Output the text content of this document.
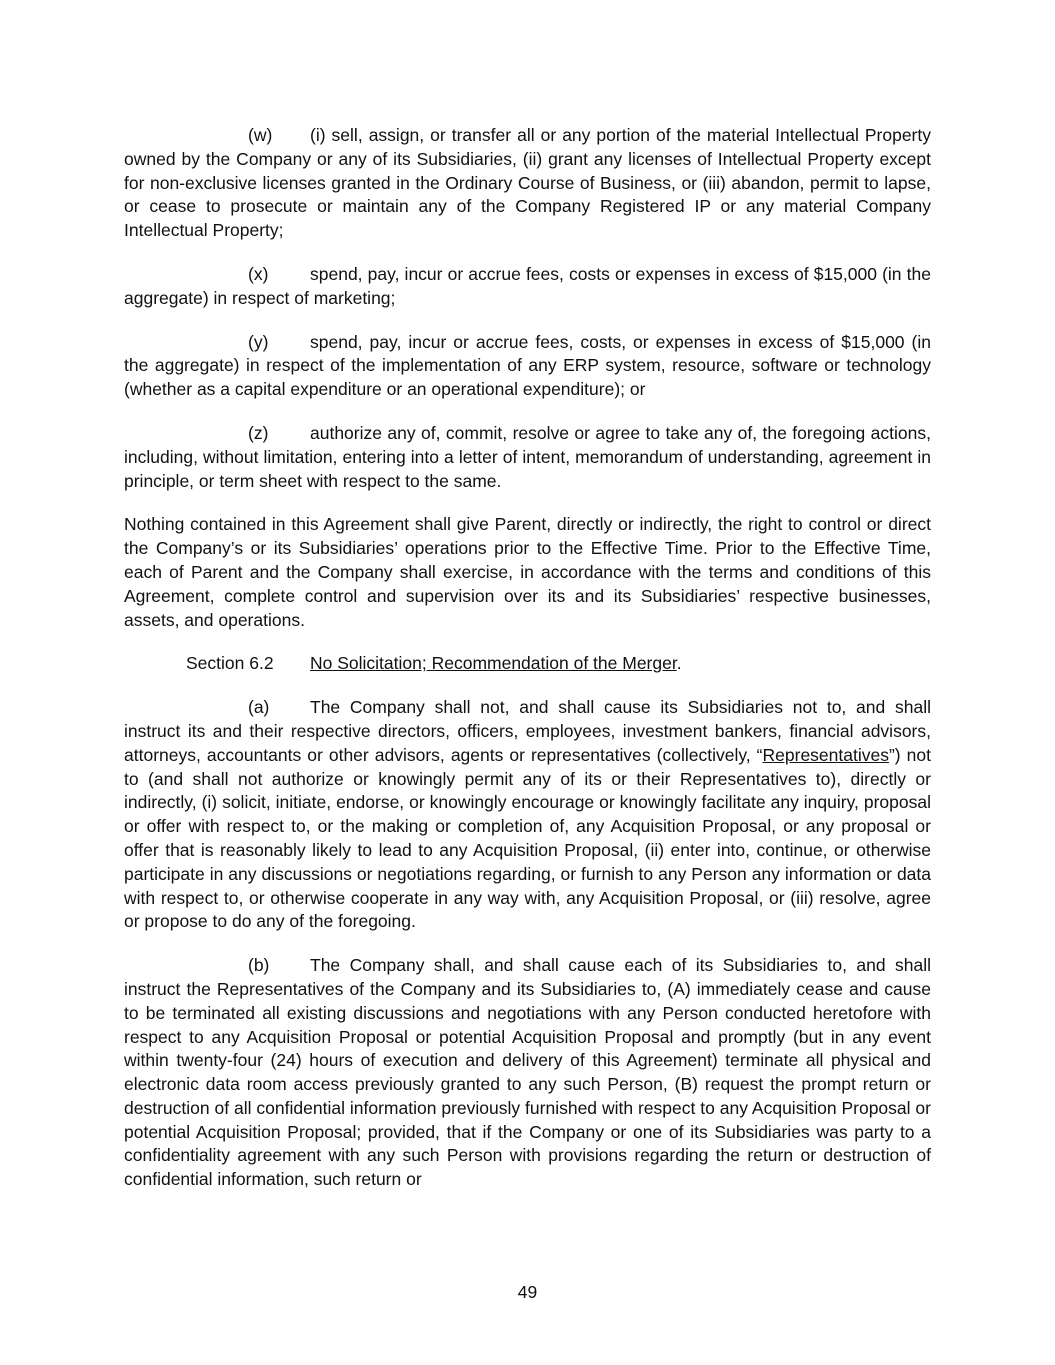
(w) (i) sell, assign, or transfer all or any portion of the material Intellectual Property owned by the Company or any of its Subsidiaries, (ii) grant any licenses of Intellectual Property except for non-exclusive licenses granted in the Ordinary Course of Business, or (iii) abandon, permit to lapse, or cease to prosecute or maintain any of the Company Registered IP or any material Company Intellectual Property;

(x) spend, pay, incur or accrue fees, costs or expenses in excess of $15,000 (in the aggregate) in respect of marketing;

(y) spend, pay, incur or accrue fees, costs, or expenses in excess of $15,000 (in the aggregate) in respect of the implementation of any ERP system, resource, software or technology (whether as a capital expenditure or an operational expenditure); or

(z) authorize any of, commit, resolve or agree to take any of, the foregoing actions, including, without limitation, entering into a letter of intent, memorandum of understanding, agreement in principle, or term sheet with respect to the same.

Nothing contained in this Agreement shall give Parent, directly or indirectly, the right to control or direct the Company’s or its Subsidiaries’ operations prior to the Effective Time. Prior to the Effective Time, each of Parent and the Company shall exercise, in accordance with the terms and conditions of this Agreement, complete control and supervision over its and its Subsidiaries’ respective businesses, assets, and operations.

Section 6.2 No Solicitation; Recommendation of the Merger.

(a) The Company shall not, and shall cause its Subsidiaries not to, and shall instruct its and their respective directors, officers, employees, investment bankers, financial advisors, attorneys, accountants or other advisors, agents or representatives (collectively, “Representatives”) not to (and shall not authorize or knowingly permit any of its or their Representatives to), directly or indirectly, (i) solicit, initiate, endorse, or knowingly encourage or knowingly facilitate any inquiry, proposal or offer with respect to, or the making or completion of, any Acquisition Proposal, or any proposal or offer that is reasonably likely to lead to any Acquisition Proposal, (ii) enter into, continue, or otherwise participate in any discussions or negotiations regarding, or furnish to any Person any information or data with respect to, or otherwise cooperate in any way with, any Acquisition Proposal, or (iii) resolve, agree or propose to do any of the foregoing.

(b) The Company shall, and shall cause each of its Subsidiaries to, and shall instruct the Representatives of the Company and its Subsidiaries to, (A) immediately cease and cause to be terminated all existing discussions and negotiations with any Person conducted heretofore with respect to any Acquisition Proposal or potential Acquisition Proposal and promptly (but in any event within twenty-four (24) hours of execution and delivery of this Agreement) terminate all physical and electronic data room access previously granted to any such Person, (B) request the prompt return or destruction of all confidential information previously furnished with respect to any Acquisition Proposal or potential Acquisition Proposal; provided, that if the Company or one of its Subsidiaries was party to a confidentiality agreement with any such Person with provisions regarding the return or destruction of confidential information, such return or

49
